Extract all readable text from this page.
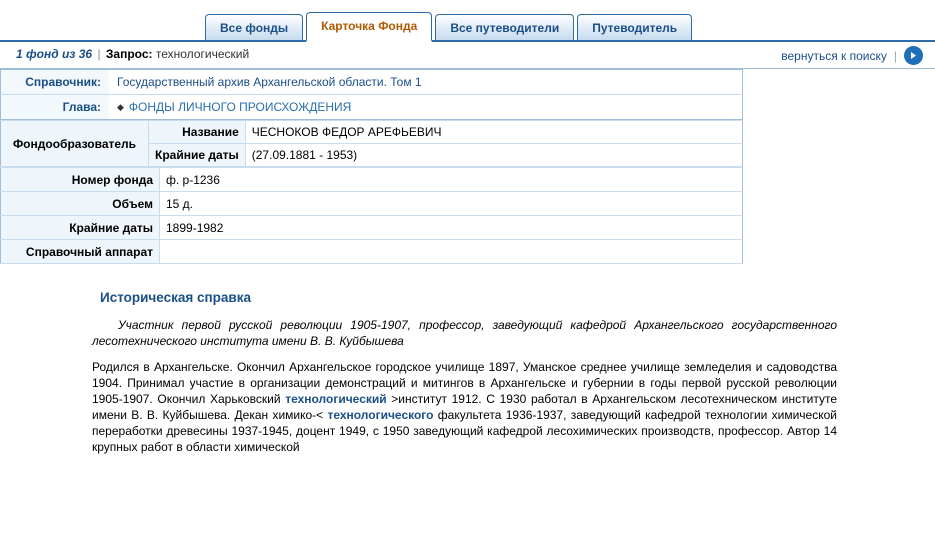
Все фонды	Карточка Фонда	Все путеводители	Путеводитель
1 фонд из 36 | Запрос: технологический	вернуться к поиску |
Справочник:	Государственный архив Архангельской области. Том 1
Глава:	◆ ФОНДЫ ЛИЧНОГО ПРОИСХОЖДЕНИЯ
Фондообразователь	Название	ЧЕСНОКОВ ФЕДОР АРЕФЬЕВИЧ
	Крайние даты	(27.09.1881 - 1953)
Номер фонда	ф. р-1236
Объем	15 д.
Крайние даты	1899-1982
Справочный аппарат	
Историческая справка

Участник первой русской революции 1905-1907, профессор, заведующий кафедрой Архангельского государственного лесотехнического института имени В. В. Куйбышева

Родился в Архангельске. Окончил Архангельское городское училище 1897, Уманское среднее училище земледелия и садоводства 1904. Принимал участие в организации демонстраций и митингов в Архангельске и губернии в годы первой русской революции 1905-1907. Окончил Харьковский технологический >институт 1912. С 1930 работал в Архангельском лесотехническом институте имени В. В. Куйбышева. Декан химико-< технологического факультета 1936-1937, заведующий кафедрой технологии химической переработки древесины 1937-1945, доцент 1949, с 1950 заведующий кафедрой лесохимических производств, профессор. Автор 14 крупных работ в области химической
